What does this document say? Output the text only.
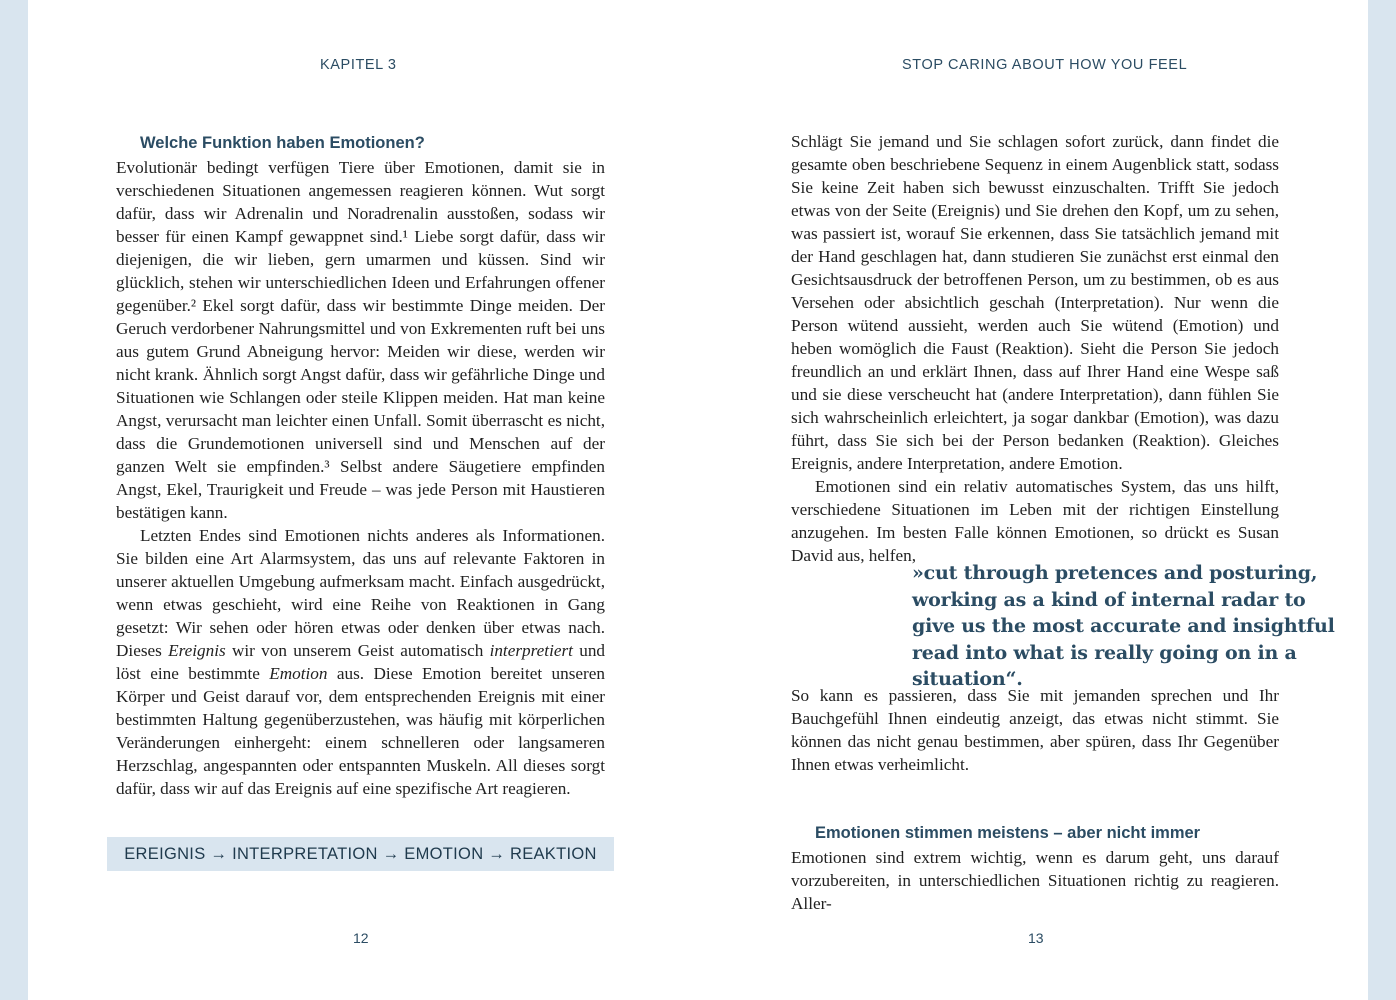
KAPITEL 3
Welche Funktion haben Emotionen?

Evolutionär bedingt verfügen Tiere über Emotionen, damit sie in verschiedenen Situationen angemessen reagieren können. Wut sorgt dafür, dass wir Adrenalin und Noradrenalin ausstoßen, sodass wir besser für einen Kampf gewappnet sind.¹ Liebe sorgt dafür, dass wir diejenigen, die wir lieben, gern umarmen und küssen. Sind wir glücklich, stehen wir unterschiedlichen Ideen und Erfahrungen offener gegenüber.² Ekel sorgt dafür, dass wir bestimmte Dinge meiden. Der Geruch verdorbener Nahrungsmittel und von Exkrementen ruft bei uns aus gutem Grund Abneigung hervor: Meiden wir diese, werden wir nicht krank. Ähnlich sorgt Angst dafür, dass wir gefährliche Dinge und Situationen wie Schlangen oder steile Klippen meiden. Hat man keine Angst, verursacht man leichter einen Unfall. Somit überrascht es nicht, dass die Grundemotionen universell sind und Menschen auf der ganzen Welt sie empfinden.³ Selbst andere Säugetiere empfinden Angst, Ekel, Traurigkeit und Freude – was jede Person mit Haustieren bestätigen kann.

Letzten Endes sind Emotionen nichts anderes als Informationen. Sie bilden eine Art Alarmsystem, das uns auf relevante Faktoren in unserer aktuellen Umgebung aufmerksam macht. Einfach ausgedrückt, wenn etwas geschieht, wird eine Reihe von Reaktionen in Gang gesetzt: Wir sehen oder hören etwas oder denken über etwas nach. Dieses Ereignis wir von unserem Geist automatisch interpretiert und löst eine bestimmte Emotion aus. Diese Emotion bereitet unseren Körper und Geist darauf vor, dem entsprechenden Ereignis mit einer bestimmten Haltung gegenüberzustehen, was häufig mit körperlichen Veränderungen einhergeht: einem schnelleren oder langsameren Herzschlag, angespannten oder entspannten Muskeln. All dieses sorgt dafür, dass wir auf das Ereignis auf eine spezifische Art reagieren.

EREIGNIS → INTERPRETATION → EMOTION → REAKTION
12
STOP CARING ABOUT HOW YOU FEEL

Schlägt Sie jemand und Sie schlagen sofort zurück, dann findet die gesamte oben beschriebene Sequenz in einem Augenblick statt, sodass Sie keine Zeit haben sich bewusst einzuschalten. Trifft Sie jedoch etwas von der Seite (Ereignis) und Sie drehen den Kopf, um zu sehen, was passiert ist, worauf Sie erkennen, dass Sie tatsächlich jemand mit der Hand geschlagen hat, dann studieren Sie zunächst erst einmal den Gesichtsausdruck der betroffenen Person, um zu bestimmen, ob es aus Versehen oder absichtlich geschah (Interpretation). Nur wenn die Person wütend aussieht, werden auch Sie wütend (Emotion) und heben womöglich die Faust (Reaktion). Sieht die Person Sie jedoch freundlich an und erklärt Ihnen, dass auf Ihrer Hand eine Wespe saß und sie diese verscheucht hat (andere Interpretation), dann fühlen Sie sich wahrscheinlich erleichtert, ja sogar dankbar (Emotion), was dazu führt, dass Sie sich bei der Person bedanken (Reaktion). Gleiches Ereignis, andere Interpretation, andere Emotion.

Emotionen sind ein relativ automatisches System, das uns hilft, verschiedene Situationen im Leben mit der richtigen Einstellung anzugehen. Im besten Falle können Emotionen, so drückt es Susan David aus, helfen,

»cut through pretences and posturing, working as a kind of internal radar to give us the most accurate and insightful read into what is really going on in a situation“.

So kann es passieren, dass Sie mit jemanden sprechen und Ihr Bauchgefühl Ihnen eindeutig anzeigt, das etwas nicht stimmt. Sie können das nicht genau bestimmen, aber spüren, dass Ihr Gegenüber Ihnen etwas verheimlicht.

Emotionen stimmen meistens – aber nicht immer

Emotionen sind extrem wichtig, wenn es darum geht, uns darauf vorzubereiten, in unterschiedlichen Situationen richtig zu reagieren. Aller-

13
